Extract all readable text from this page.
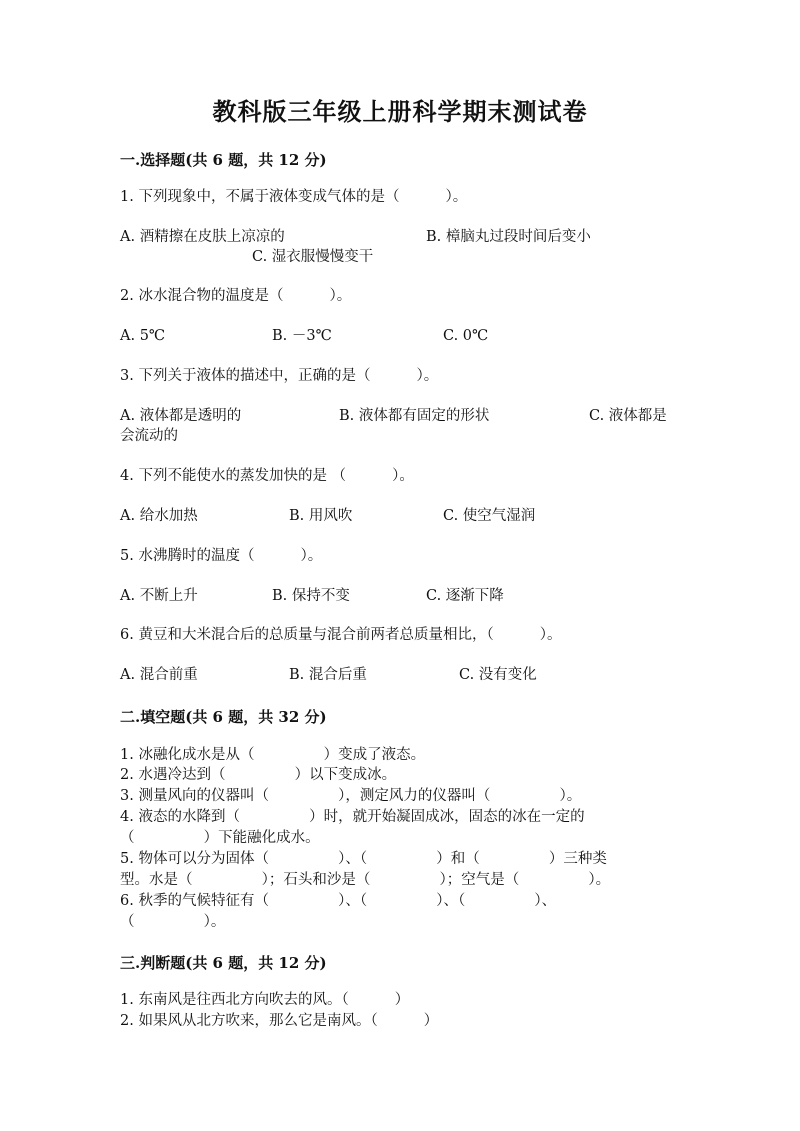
教科版三年级上册科学期末测试卷
一.选择题(共 6 题，共 12 分)
1. 下列现象中，不属于液体变成气体的是（          ）。
A. 酒精擦在皮肤上凉凉的	B. 樟脑丸过段时间后变小
C. 湿衣服慢慢变干
2. 冰水混合物的温度是（          ）。
A. 5℃	B. －3℃	C. 0℃
3. 下列关于液体的描述中，正确的是（          ）。
A. 液体都是透明的	B. 液体都有固定的形状	C. 液体都是
会流动的
4. 下列不能使水的蒸发加快的是 （          ）。
A. 给水加热	B. 用风吹	C. 使空气湿润
5. 水沸腾时的温度（          ）。
A. 不断上升	B. 保持不变	C. 逐渐下降
6. 黄豆和大米混合后的总质量与混合前两者总质量相比，（          ）。
A. 混合前重	B. 混合后重	C. 没有变化
二.填空题(共 6 题，共 32 分)
1. 冰融化成水是从（               ）变成了液态。
2. 水遇冷达到（               ）以下变成冰。
3. 测量风向的仪器叫（               ），测定风力的仪器叫（               ）。
4. 液态的水降到（               ）时，就开始凝固成冰，固态的冰在一定的
（               ）下能融化成水。
5. 物体可以分为固体（               ）、（               ）和（               ）三种类
型。水是（               ）；石头和沙是（               ）；空气是（               ）。
6. 秋季的气候特征有（               ）、（               ）、（               ）、
（               ）。
三.判断题(共 6 题，共 12 分)
1. 东南风是往西北方向吹去的风。（          ）
2. 如果风从北方吹来，那么它是南风。（          ）
